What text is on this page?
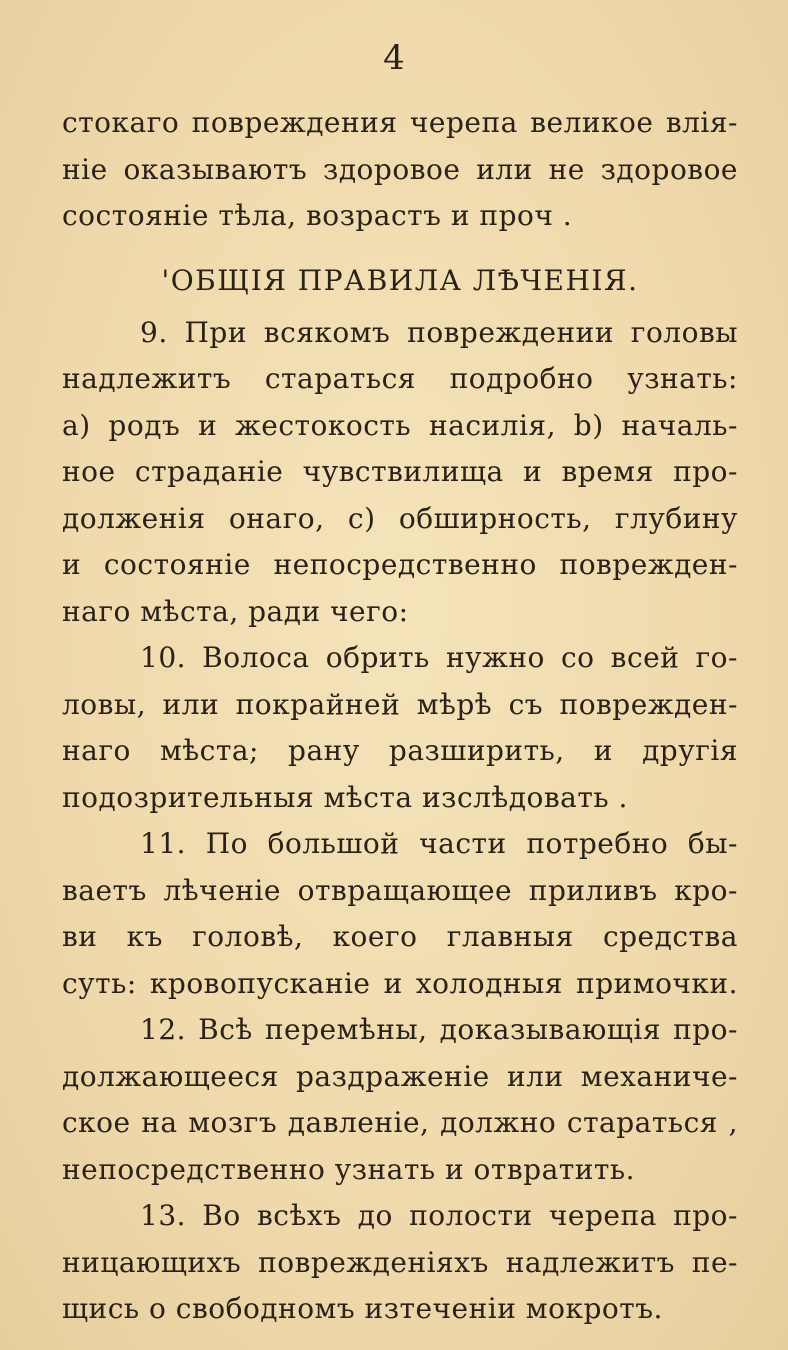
4
стокаго повреждения черепа великое влія-
ніе оказываютъ здоровое или не здоровое
состояніе тѣла, возрастъ и проч .
'ОБЩІЯ ПРАВИЛА ЛѢЧЕНІЯ.
9. При всякомъ повреждении головы
надлежитъ стараться подробно узнать:
а) родъ и жестокость насилія, b) началь-
ное страданіе чувствилища и время про-
долженія онаго, с) обширность, глубину
и состояніе непосредственно поврежден-
наго мѣста, ради чего:
10. Волоса обрить нужно со всей го-
ловы, или покрайней мѣрѣ съ поврежден-
наго мѣста; рану разширить, и другія
подозрительныя мѣста изслѣдовать .
11. По большой части потребно бы-
ваетъ лѣченіе отвращающее приливъ кро-
ви къ головѣ, коего главныя средства
суть: кровопусканіе и холодныя примочки.
12. Всѣ перемѣны, доказывающія про-
должающееся раздраженіе или механиче-
ское на мозгъ давленіе, должно стараться ,
непосредственно узнать и отвратить.
13. Во всѣхъ до полости черепа про-
ницающихъ поврежденіяхъ надлежитъ пе-
щись о свободномъ изтеченіи мокротъ.
